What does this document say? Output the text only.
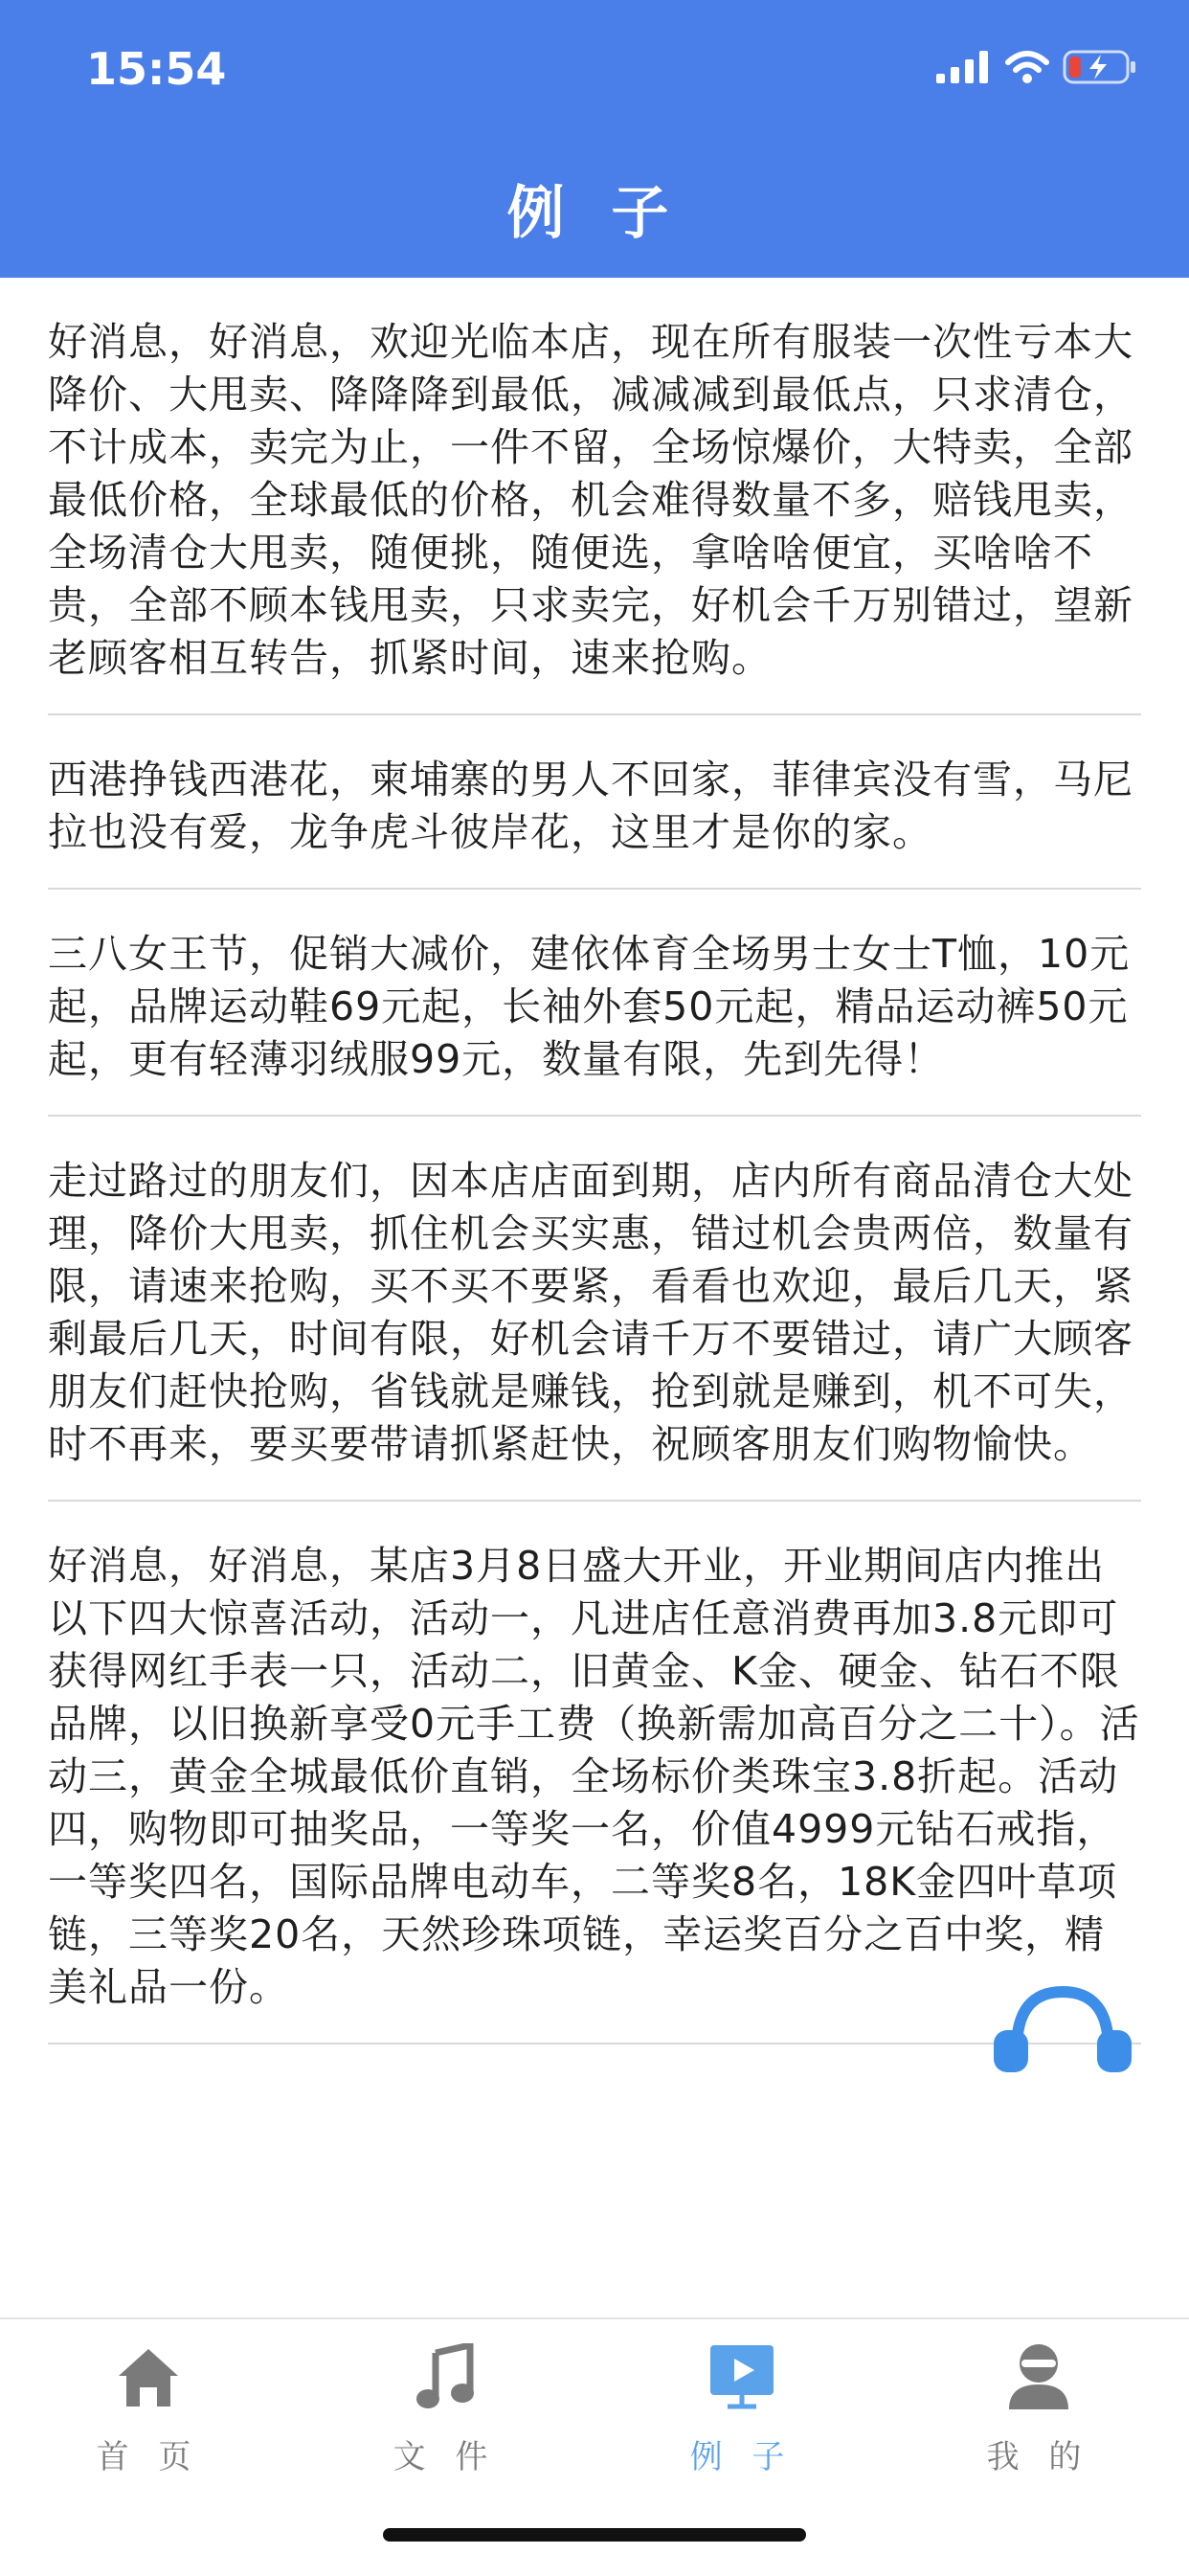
15:54
例 子

好消息，好消息，欢迎光临本店，现在所有服装一次性亏本大降价、大甩卖、降降降到最低，减减减到最低点，只求清仓，不计成本，卖完为止，一件不留，全场惊爆价，大特卖，全部最低价格，全球最低的价格，机会难得数量不多，赔钱甩卖，全场清仓大甩卖，随便挑，随便选，拿啥啥便宜，买啥啥不贵，全部不顾本钱甩卖，只求卖完，好机会千万别错过，望新老顾客相互转告，抓紧时间，速来抢购。

西港挣钱西港花，柬埔寨的男人不回家，菲律宾没有雪，马尼拉也没有爱，龙争虎斗彼岸花，这里才是你的家。

三八女王节，促销大减价，建依体育全场男士女士T恤，10元起，品牌运动鞋69元起，长袖外套50元起，精品运动裤50元起，更有轻薄羽绒服99元，数量有限，先到先得！

走过路过的朋友们，因本店店面到期，店内所有商品清仓大处理，降价大甩卖，抓住机会买实惠，错过机会贵两倍，数量有限，请速来抢购，买不买不要紧，看看也欢迎，最后几天，紧剩最后几天，时间有限，好机会请千万不要错过，请广大顾客朋友们赶快抢购，省钱就是赚钱，抢到就是赚到，机不可失，时不再来，要买要带请抓紧赶快，祝顾客朋友们购物愉快。

好消息，好消息，某店3月8日盛大开业，开业期间店内推出以下四大惊喜活动，活动一，凡进店任意消费再加3.8元即可获得网红手表一只，活动二，旧黄金、K金、硬金、钻石不限品牌，以旧换新享受0元手工费（换新需加高百分之二十）。活动三，黄金全城最低价直销，全场标价类珠宝3.8折起。活动四，购物即可抽奖品，一等奖一名，价值4999元钻石戒指，一等奖四名，国际品牌电动车，二等奖8名，18K金四叶草项链，三等奖20名，天然珍珠项链，幸运奖百分之百中奖，精美礼品一份。

首 页	文 件	例 子	我 的
